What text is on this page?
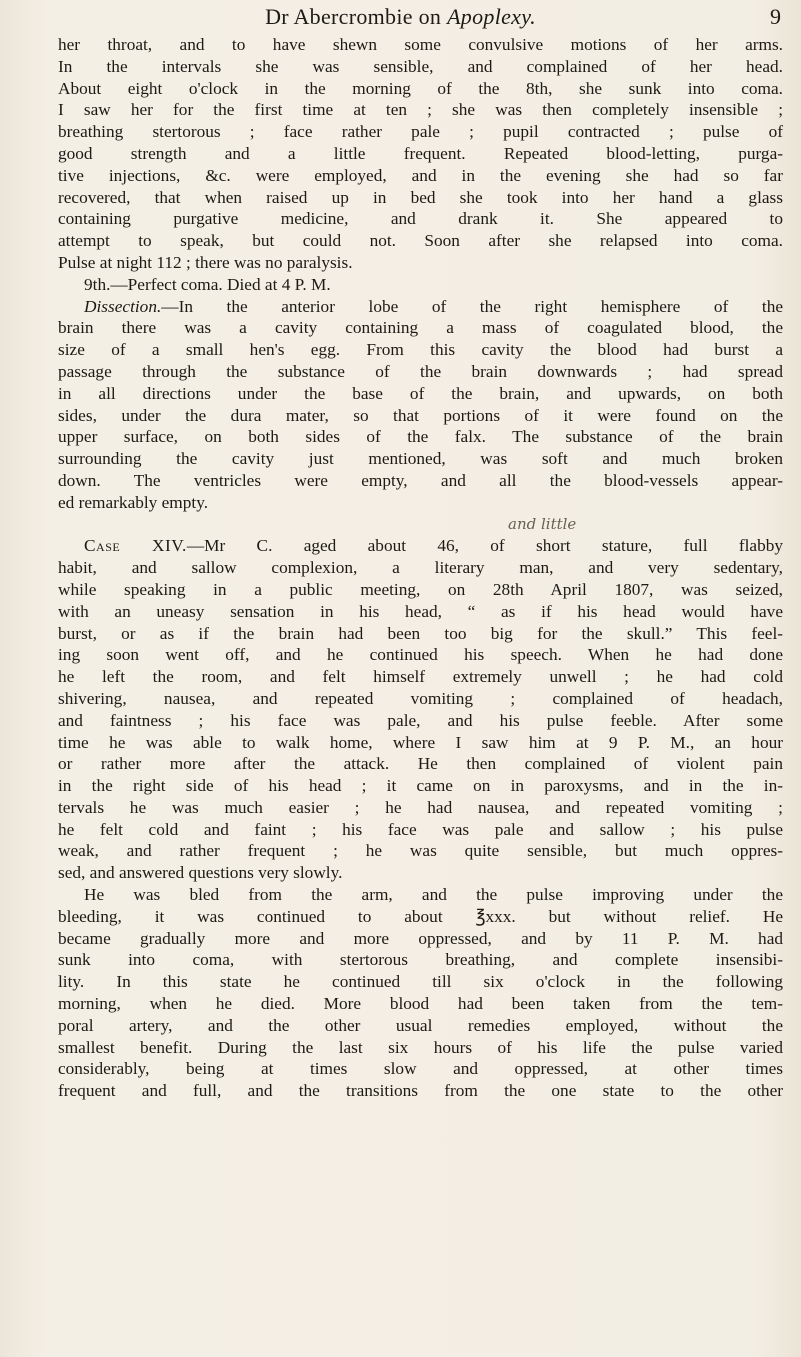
Dr Abercrombie on Apoplexy.	9
her throat, and to have shewn some convulsive motions of her arms.
In the intervals she was sensible, and complained of her head.
About eight o'clock in the morning of the 8th, she sunk into coma.
I saw her for the first time at ten ; she was then completely insensible ;
breathing stertorous ; face rather pale ; pupil contracted ; pulse of
good strength and a little frequent. Repeated blood-letting, purga-
tive injections, &c. were employed, and in the evening she had so far
recovered, that when raised up in bed she took into her hand a glass
containing purgative medicine, and drank it. She appeared to
attempt to speak, but could not. Soon after she relapsed into coma.
Pulse at night 112 ; there was no paralysis.
9th.—Perfect coma. Died at 4 P. M.
Dissection.—In the anterior lobe of the right hemisphere of the
brain there was a cavity containing a mass of coagulated blood, the
size of a small hen's egg. From this cavity the blood had burst a
passage through the substance of the brain downwards ; had spread
in all directions under the base of the brain, and upwards, on both
sides, under the dura mater, so that portions of it were found on the
upper surface, on both sides of the falx. The substance of the brain
surrounding the cavity just mentioned, was soft and much broken
down. The ventricles were empty, and all the blood-vessels appear-
ed remarkably empty.
and little
Case XIV.—Mr C. aged about 46, of short stature, full flabby
habit, and sallow complexion, a literary man, and very sedentary,
while speaking in a public meeting, on 28th April 1807, was seized,
with an uneasy sensation in his head, “ as if his head would have
burst, or as if the brain had been too big for the skull.” This feel-
ing soon went off, and he continued his speech. When he had done
he left the room, and felt himself extremely unwell ; he had cold
shivering, nausea, and repeated vomiting ; complained of headach,
and faintness ; his face was pale, and his pulse feeble. After some
time he was able to walk home, where I saw him at 9 P. M., an hour
or rather more after the attack. He then complained of violent pain
in the right side of his head ; it came on in paroxysms, and in the in-
tervals he was much easier ; he had nausea, and repeated vomiting ;
he felt cold and faint ; his face was pale and sallow ; his pulse
weak, and rather frequent ; he was quite sensible, but much oppres-
sed, and answered questions very slowly.
He was bled from the arm, and the pulse improving under the
bleeding, it was continued to about ℥xxx. but without relief. He
became gradually more and more oppressed, and by 11 P. M. had
sunk into coma, with stertorous breathing, and complete insensibi-
lity. In this state he continued till six o'clock in the following
morning, when he died. More blood had been taken from the tem-
poral artery, and the other usual remedies employed, without the
smallest benefit. During the last six hours of his life the pulse varied
considerably, being at times slow and oppressed, at other times
frequent and full, and the transitions from the one state to the other
